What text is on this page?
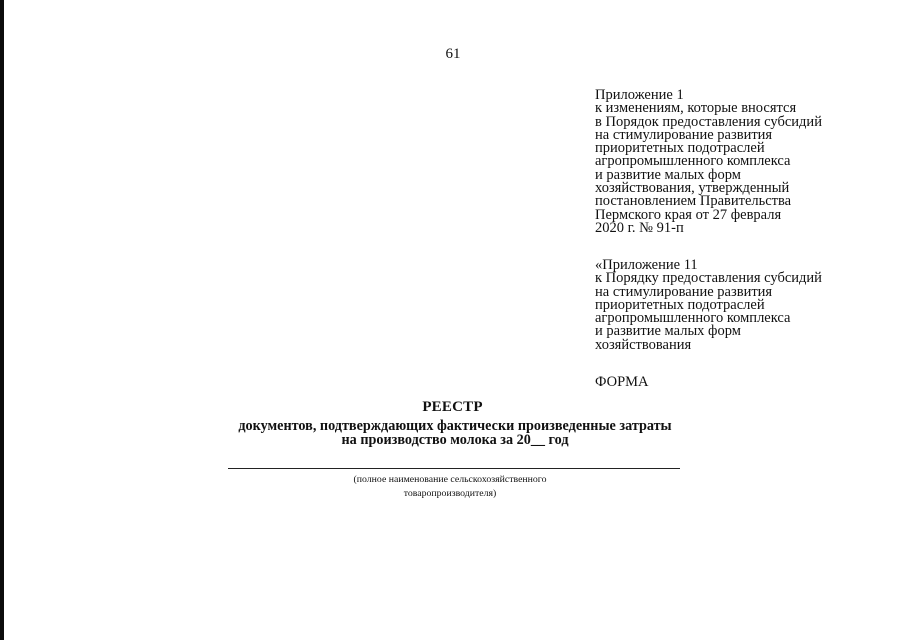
61
Приложение 1
к изменениям, которые вносятся
в Порядок предоставления субсидий
на стимулирование развития
приоритетных подотраслей
агропромышленного комплекса
и развитие малых форм
хозяйствования, утвержденный
постановлением Правительства
Пермского края от 27 февраля
2020 г. № 91-п
«Приложение 11
к Порядку предоставления субсидий
на стимулирование развития
приоритетных подотраслей
агропромышленного комплекса
и развитие малых форм
хозяйствования
ФОРМА
РЕЕСТР
документов, подтверждающих фактически произведенные затраты
на производство молока за 20__ год
(полное наименование сельскохозяйственного
товаропроизводителя)
